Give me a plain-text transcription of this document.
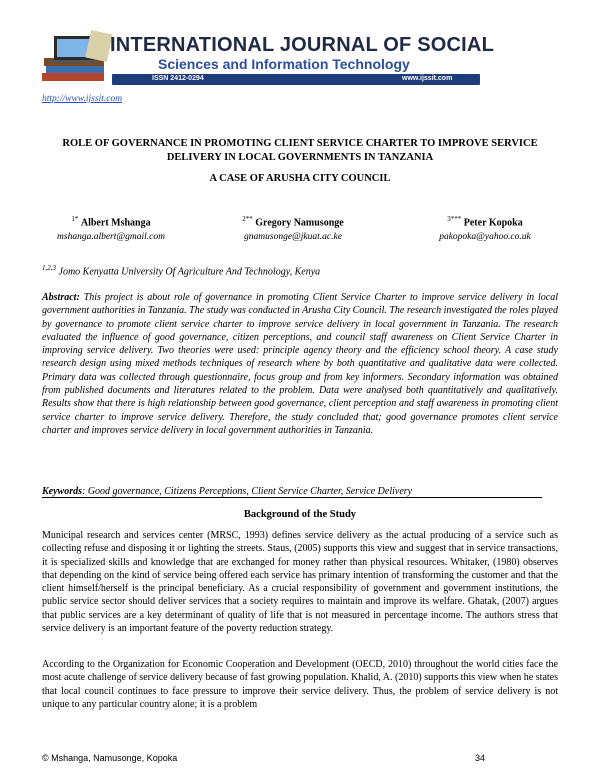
INTERNATIONAL JOURNAL OF SOCIAL
Sciences and Information Technology
ISSN 2412-0294	www.ijssit.com
http://www.ijssit.com
ROLE OF GOVERNANCE IN PROMOTING CLIENT SERVICE CHARTER TO IMPROVE SERVICE DELIVERY IN LOCAL GOVERNMENTS IN TANZANIA
A CASE OF ARUSHA CITY COUNCIL
$^{1*}$ Albert Mshanga
mshanga.albert@gmail.com
$^{2**}$ Gregory Namusonge
gnamusonge@jkuat.ac.ke
$^{3***}$ Peter Kopoka
pakopoka@yahoo.co.uk
$^{1,2,3}$ Jomo Kenyatta University Of Agriculture And Technology, Kenya
Abstract: This project is about role of governance in promoting Client Service Charter to improve service delivery in local government authorities in Tanzania. The study was conducted in Arusha City Council. The research investigated the roles played by governance to promote client service charter to improve service delivery in local government in Tanzania. The research evaluated the influence of good governance, citizen perceptions, and council staff awareness on Client Service Charter in improving service delivery. Two theories were used: principle agency theory and the efficiency school theory. A case study research design using mixed methods techniques of research where by both quantitative and qualitative data were collected. Primary data was collected through questionnaire, focus group and from key informers. Secondary information was obtained from published documents and literatures related to the problem. Data were analysed both quantitatively and qualitatively. Results show that there is high relationship between good governance, client perception and staff awareness in promoting client service charter to improve service delivery. Therefore, the study concluded that; good governance promotes client service charter and improves service delivery in local government authorities in Tanzania.
Keywords: Good governance, Citizens Perceptions, Client Service Charter, Service Delivery
Background of the Study
Municipal research and services center (MRSC, 1993) defines service delivery as the actual producing of a service such as collecting refuse and disposing it or lighting the streets. Staus, (2005) supports this view and suggest that in service transactions, it is specialized skills and knowledge that are exchanged for money rather than physical resources. Whitaker, (1980) observes that depending on the kind of service being offered each service has primary intention of transforming the customer and that the client himself/herself is the principal beneficiary. As a crucial responsibility of government and government institutions, the public service sector should deliver services that a society requires to maintain and improve its welfare. Ghatak, (2007) argues that public services are a key determinant of quality of life that is not measured in percentage income. The authors stress that service delivery is an important feature of the poverty reduction strategy.
According to the Organization for Economic Cooperation and Development (OECD, 2010) throughout the world cities face the most acute challenge of service delivery because of fast growing population. Khalid, A. (2010) supports this view when he states that local council continues to face pressure to improve their service delivery. Thus, the problem of service delivery is not unique to any particular country alone; it is a problem
© Mshanga, Namusonge, Kopoka	34
